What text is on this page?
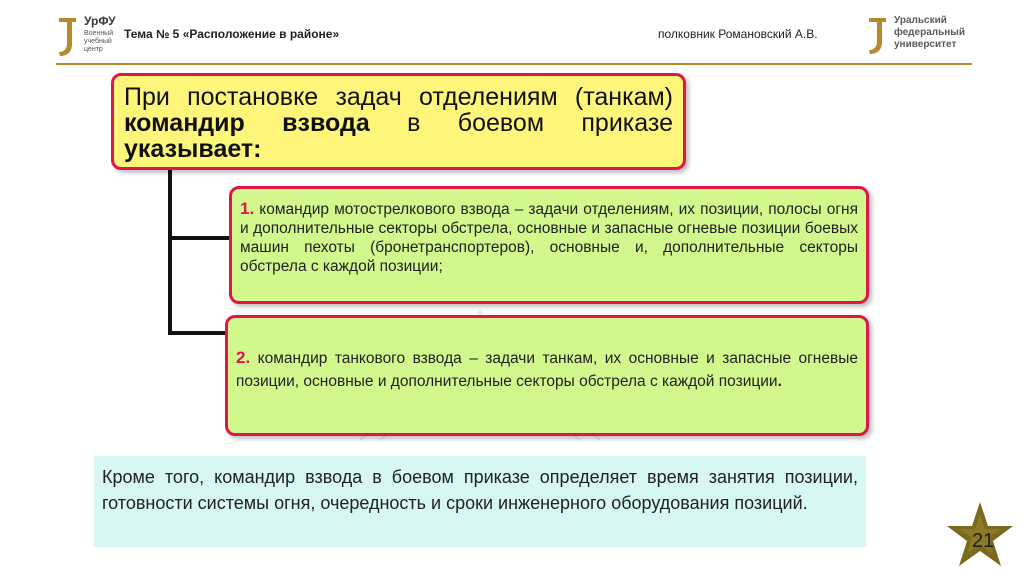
УрФУ
Военный учебный центр
Тема № 5 «Расположение в районе»	полковник Романовский А.В.
Уральский федеральный университет
При постановке задач отделениям (танкам) командир взвода в боевом приказе указывает:
1. командир мотострелкового взвода – задачи отделениям, их позиции, полосы огня и дополнительные секторы обстрела, основные и запасные огневые позиции боевых машин пехоты (бронетранспортеров), основные и, дополнительные секторы обстрела с каждой позиции;
2. командир танкового взвода – задачи танкам, их основные и запасные огневые позиции, основные и дополнительные секторы обстрела с каждой позиции.
Кроме того, командир взвода в боевом приказе определяет время занятия позиции, готовности системы огня, очередность и сроки инженерного оборудования позиций.
21
